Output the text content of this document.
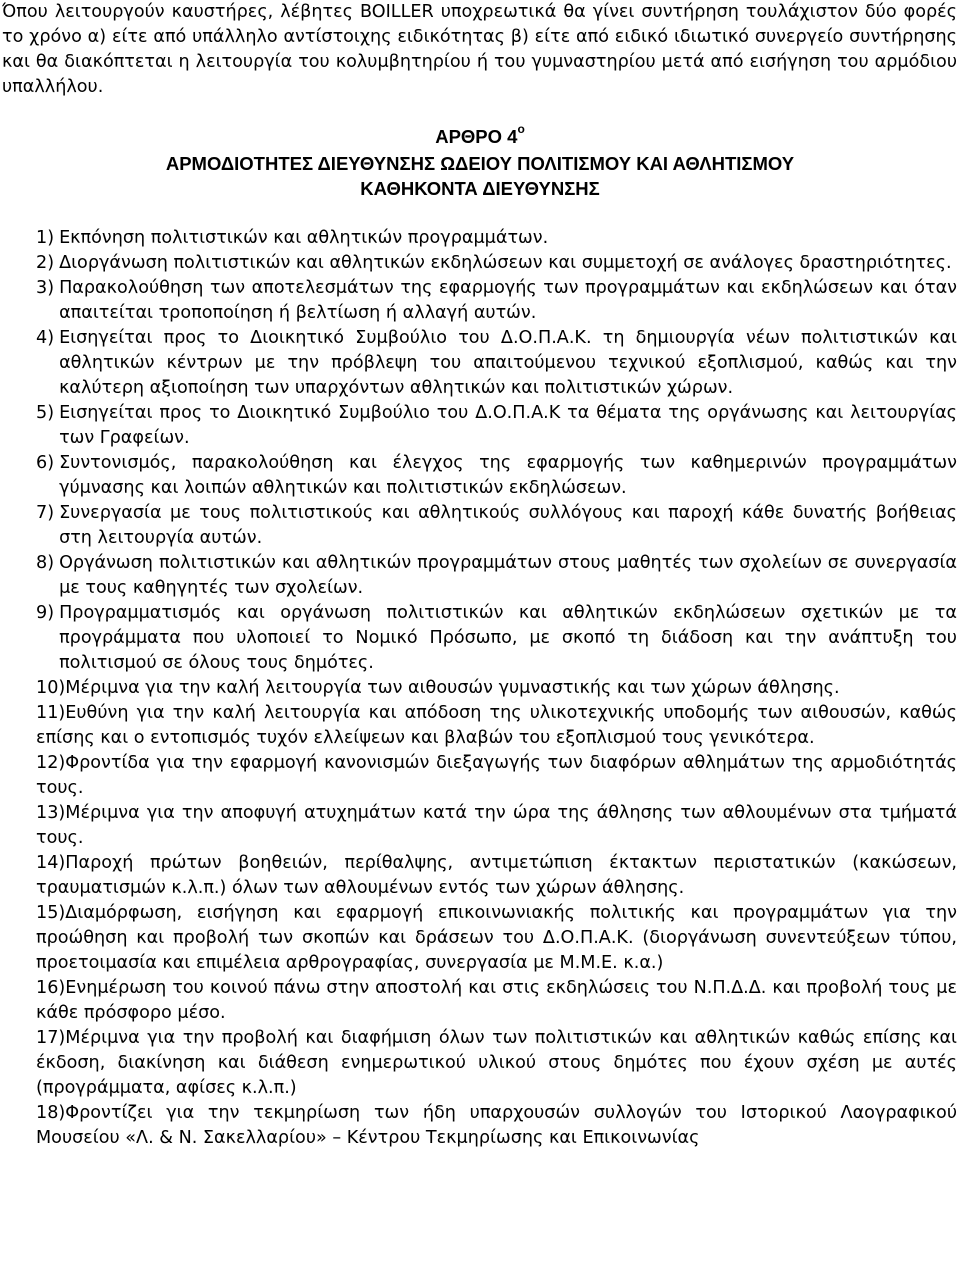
Όπου λειτουργούν καυστήρες, λέβητες BOILLER υποχρεωτικά θα γίνει συντήρηση τουλάχιστον δύο φορές το χρόνο α) είτε από υπάλληλο αντίστοιχης ειδικότητας β) είτε από ειδικό ιδιωτικό συνεργείο συντήρησης και θα διακόπτεται η λειτουργία του κολυμβητηρίου ή του γυμναστηρίου μετά από εισήγηση του αρμόδιου υπαλλήλου.

ΑΡΘΡΟ $4^o$
ΑΡΜΟΔΙΟΤΗΤΕΣ ΔΙΕΥΘΥΝΣΗΣ ΩΔΕΙΟΥ ΠΟΛΙΤΙΣΜΟΥ ΚΑΙ ΑΘΛΗΤΙΣΜΟΥ
ΚΑΘΗΚΟΝΤΑ ΔΙΕΥΘΥΝΣΗΣ
1) Εκπόνηση πολιτιστικών και αθλητικών προγραμμάτων.
2) Διοργάνωση πολιτιστικών και αθλητικών εκδηλώσεων και συμμετοχή σε ανάλογες δραστηριότητες.
3) Παρακολούθηση των αποτελεσμάτων της εφαρμογής των προγραμμάτων και εκδηλώσεων και όταν απαιτείται τροποποίηση ή βελτίωση ή αλλαγή αυτών.
4) Εισηγείται προς το Διοικητικό Συμβούλιο του Δ.Ο.Π.Α.Κ. τη δημιουργία νέων πολιτιστικών και αθλητικών κέντρων με την πρόβλεψη του απαιτούμενου τεχνικού εξοπλισμού, καθώς και την καλύτερη αξιοποίηση των υπαρχόντων αθλητικών και πολιτιστικών χώρων.
5) Εισηγείται προς το Διοικητικό Συμβούλιο του Δ.Ο.Π.Α.Κ τα θέματα της οργάνωσης και λειτουργίας των Γραφείων.
6) Συντονισμός, παρακολούθηση και έλεγχος της εφαρμογής των καθημερινών προγραμμάτων γύμνασης και λοιπών αθλητικών και πολιτιστικών εκδηλώσεων.
7) Συνεργασία με τους πολιτιστικούς και αθλητικούς συλλόγους και παροχή κάθε δυνατής βοήθειας στη λειτουργία αυτών.
8) Οργάνωση πολιτιστικών και αθλητικών προγραμμάτων στους μαθητές των σχολείων σε συνεργασία με τους καθηγητές των σχολείων.
9) Προγραμματισμός και οργάνωση πολιτιστικών και αθλητικών εκδηλώσεων σχετικών με τα προγράμματα που υλοποιεί το Νομικό Πρόσωπο, με σκοπό τη διάδοση και την ανάπτυξη του πολιτισμού σε όλους τους δημότες.
10)Μέριμνα για την καλή λειτουργία των αιθουσών γυμναστικής και των χώρων άθλησης.
11)Ευθύνη για την καλή λειτουργία και απόδοση της υλικοτεχνικής υποδομής των αιθουσών, καθώς επίσης και ο εντοπισμός τυχόν ελλείψεων και βλαβών του εξοπλισμού τους γενικότερα.
12)Φροντίδα για την εφαρμογή κανονισμών διεξαγωγής των διαφόρων αθλημάτων της αρμοδιότητάς τους.
13)Μέριμνα για την αποφυγή ατυχημάτων κατά την ώρα της άθλησης των αθλουμένων στα τμήματά τους.
14)Παροχή πρώτων βοηθειών, περίθαλψης, αντιμετώπιση έκτακτων περιστατικών (κακώσεων, τραυματισμών κ.λ.π.) όλων των αθλουμένων εντός των χώρων άθλησης.
15)Διαμόρφωση, εισήγηση και εφαρμογή επικοινωνιακής πολιτικής και προγραμμάτων για την προώθηση και προβολή των σκοπών και δράσεων του Δ.Ο.Π.Α.Κ. (διοργάνωση συνεντεύξεων τύπου, προετοιμασία και επιμέλεια αρθρογραφίας, συνεργασία με Μ.Μ.Ε. κ.α.)
16)Ενημέρωση του κοινού πάνω στην αποστολή και στις εκδηλώσεις του Ν.Π.Δ.Δ. και προβολή τους με κάθε πρόσφορο μέσο.
17)Μέριμνα για την προβολή και διαφήμιση όλων των πολιτιστικών και αθλητικών καθώς επίσης και έκδοση, διακίνηση και διάθεση ενημερωτικού υλικού στους δημότες που έχουν σχέση με αυτές (προγράμματα, αφίσες κ.λ.π.)
18)Φροντίζει για την τεκμηρίωση των ήδη υπαρχουσών συλλογών του Ιστορικού Λαογραφικού Μουσείου «Λ. & Ν. Σακελλαρίου» – Κέντρου Τεκμηρίωσης και Επικοινωνίας
